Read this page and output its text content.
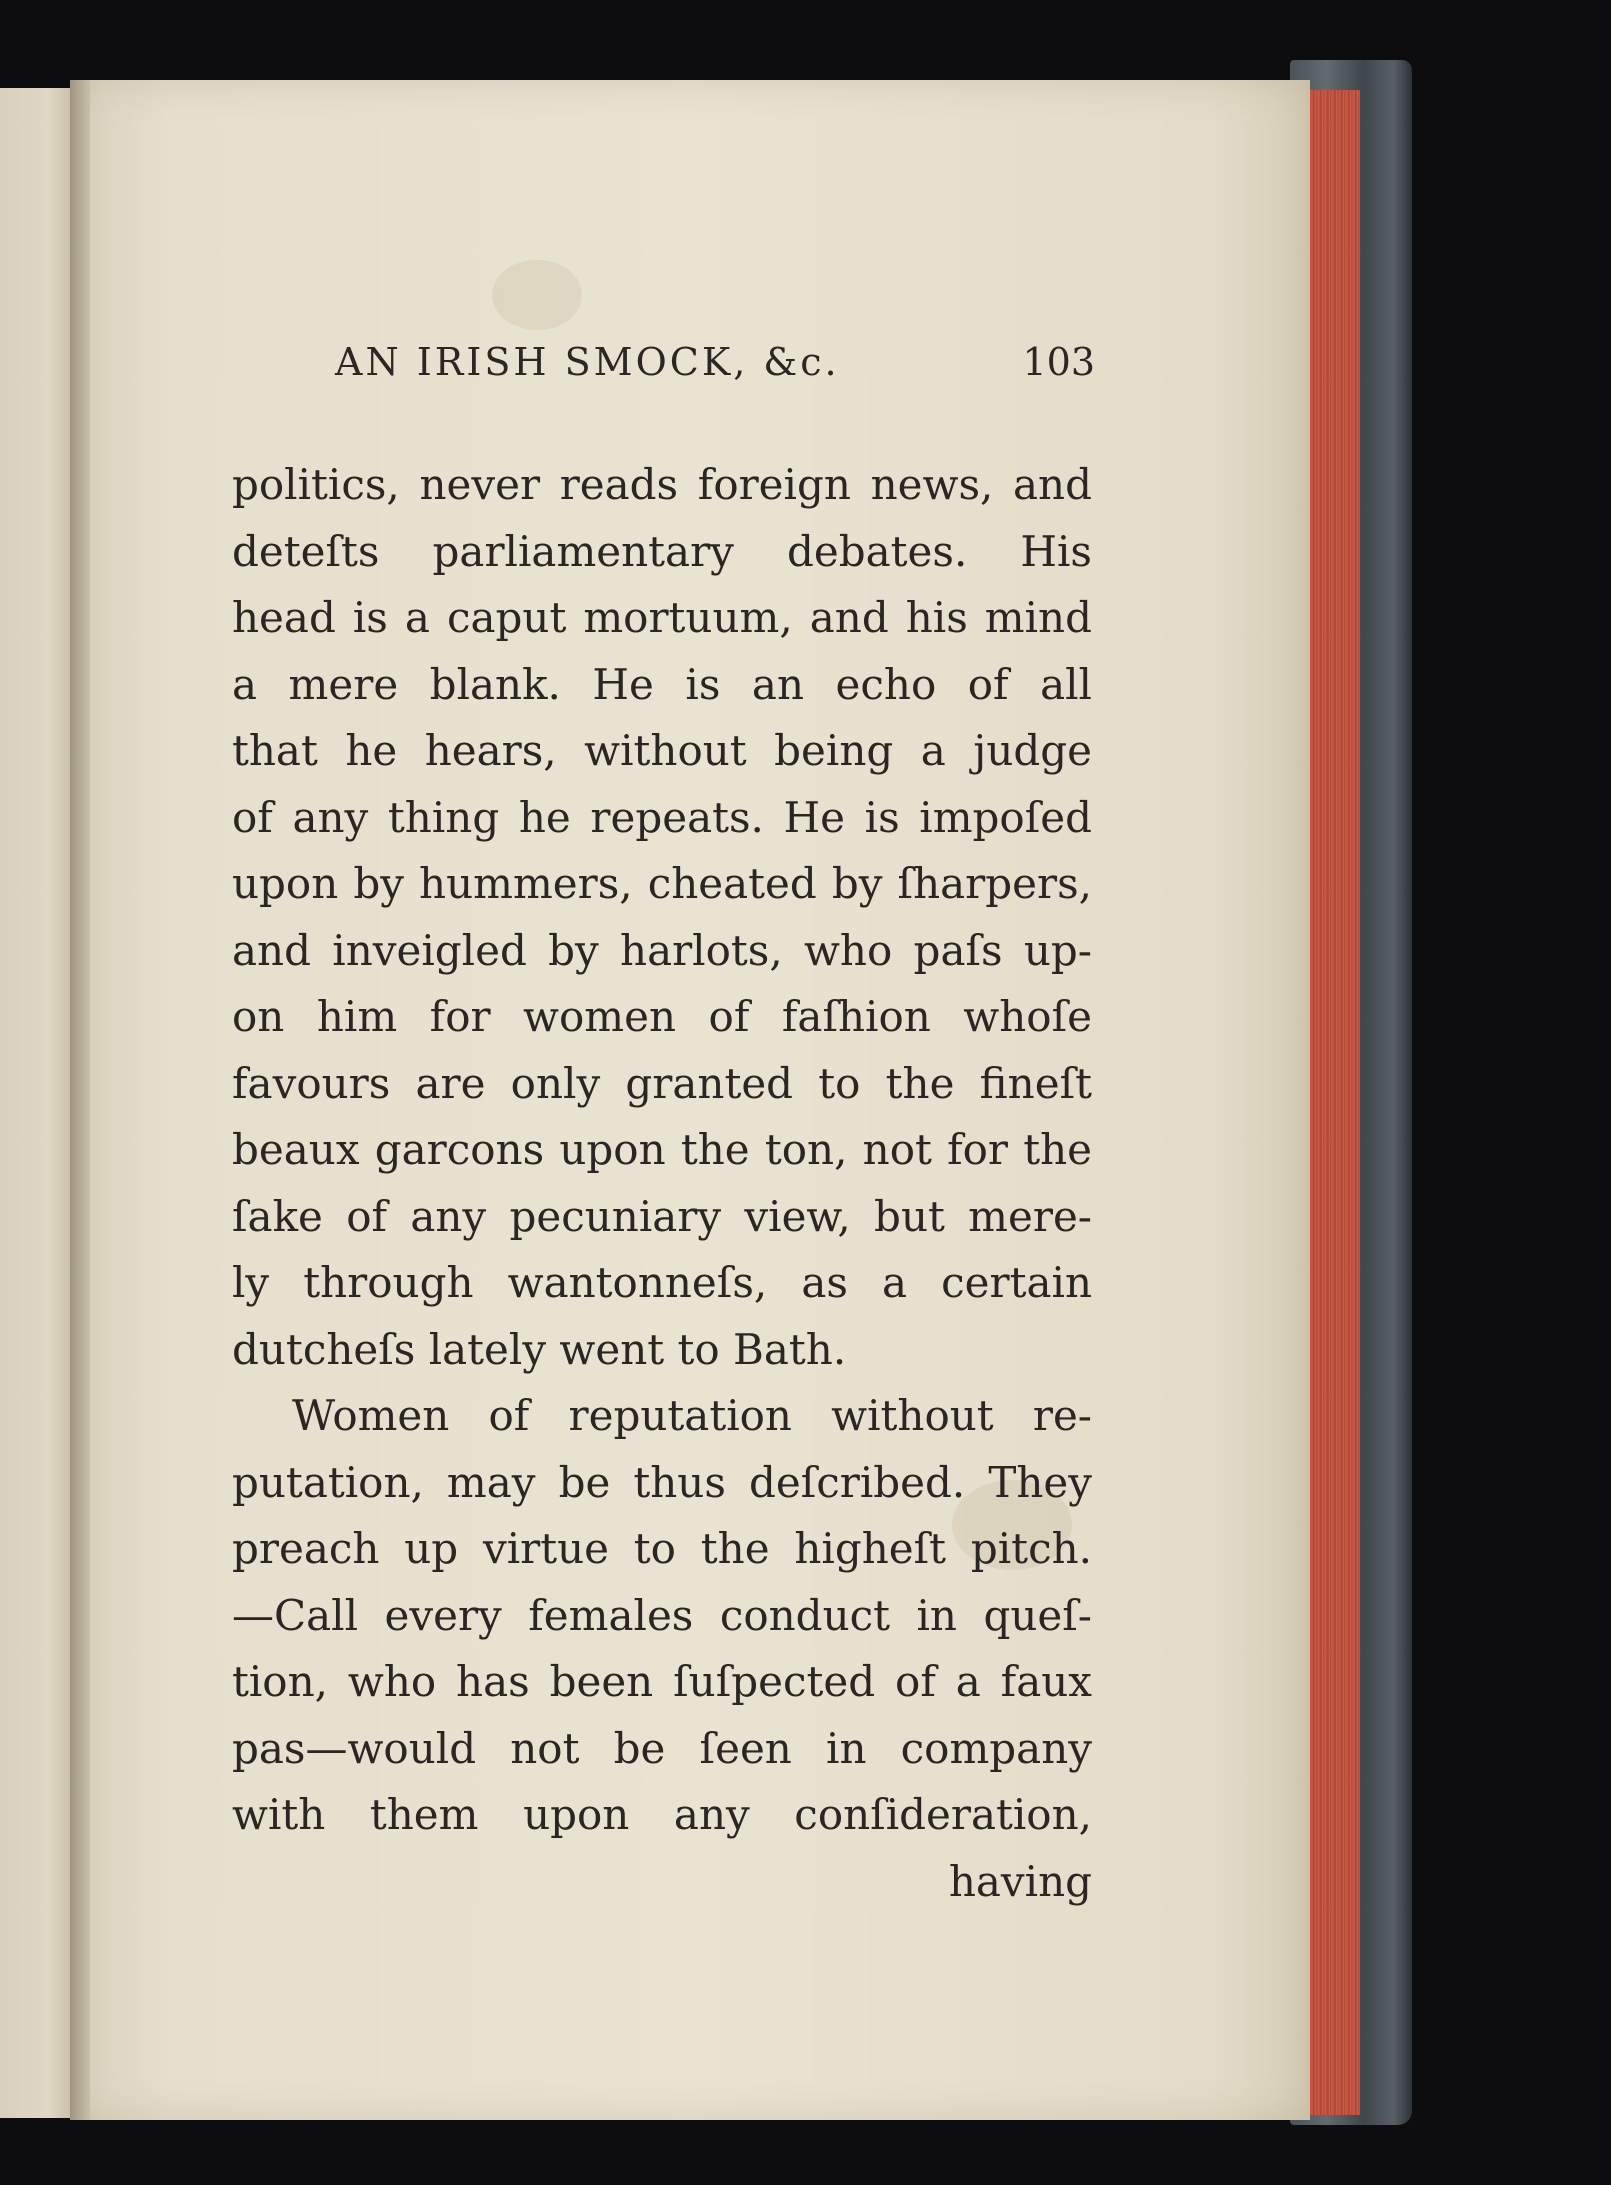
AN IRISH SMOCK, &c.	103
politics, never reads foreign news, and
deteſts parliamentary debates. His
head is a caput mortuum, and his mind
a mere blank. He is an echo of all
that he hears, without being a judge
of any thing he repeats. He is impoſed
upon by hummers, cheated by ſharpers,
and inveigled by harlots, who paſs up-
on him for women of faſhion whoſe
favours are only granted to the fineſt
beaux garcons upon the ton, not for the
ſake of any pecuniary view, but mere-
ly through wantonneſs, as a certain
dutcheſs lately went to Bath.
Women of reputation without re-
putation, may be thus deſcribed. They
preach up virtue to the higheſt pitch.
—Call every females conduct in queſ-
tion, who has been ſuſpected of a faux
pas—would not be ſeen in company
with them upon any conſideration,
having
